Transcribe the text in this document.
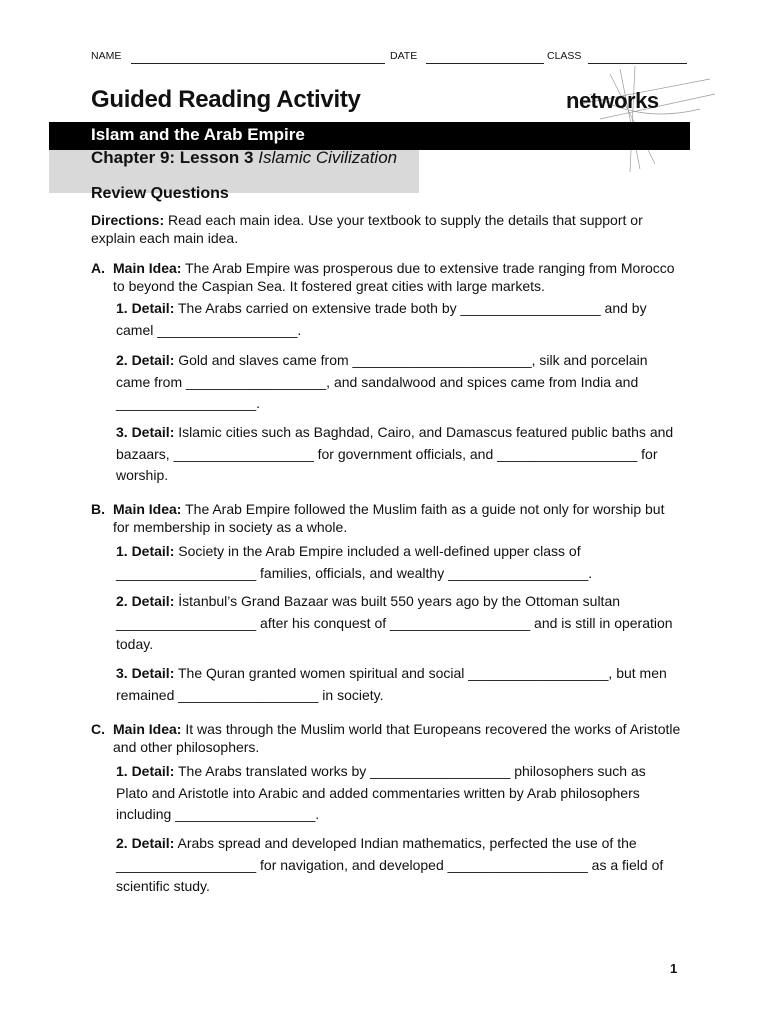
NAME	DATE	CLASS
Guided Reading Activity	networks
Islam and the Arab Empire
Chapter 9: Lesson 3 Islamic Civilization
Review Questions
Directions: Read each main idea. Use your textbook to supply the details that support or explain each main idea.
A. Main Idea: The Arab Empire was prosperous due to extensive trade ranging from Morocco to beyond the Caspian Sea. It fostered great cities with large markets.
1. Detail: The Arabs carried on extensive trade both by __________________ and by camel __________________.
2. Detail: Gold and slaves came from _______________________, silk and porcelain came from __________________, and sandalwood and spices came from India and __________________.
3. Detail: Islamic cities such as Baghdad, Cairo, and Damascus featured public baths and bazaars, __________________ for government officials, and __________________ for worship.
B. Main Idea: The Arab Empire followed the Muslim faith as a guide not only for worship but for membership in society as a whole.
1. Detail: Society in the Arab Empire included a well-defined upper class of __________________ families, officials, and wealthy __________________.
2. Detail: İstanbul’s Grand Bazaar was built 550 years ago by the Ottoman sultan __________________ after his conquest of __________________ and is still in operation today.
3. Detail: The Quran granted women spiritual and social __________________, but men remained __________________ in society.
C. Main Idea: It was through the Muslim world that Europeans recovered the works of Aristotle and other philosophers.
1. Detail: The Arabs translated works by __________________ philosophers such as Plato and Aristotle into Arabic and added commentaries written by Arab philosophers including __________________.
2. Detail: Arabs spread and developed Indian mathematics, perfected the use of the __________________ for navigation, and developed __________________ as a field of scientific study.
1
